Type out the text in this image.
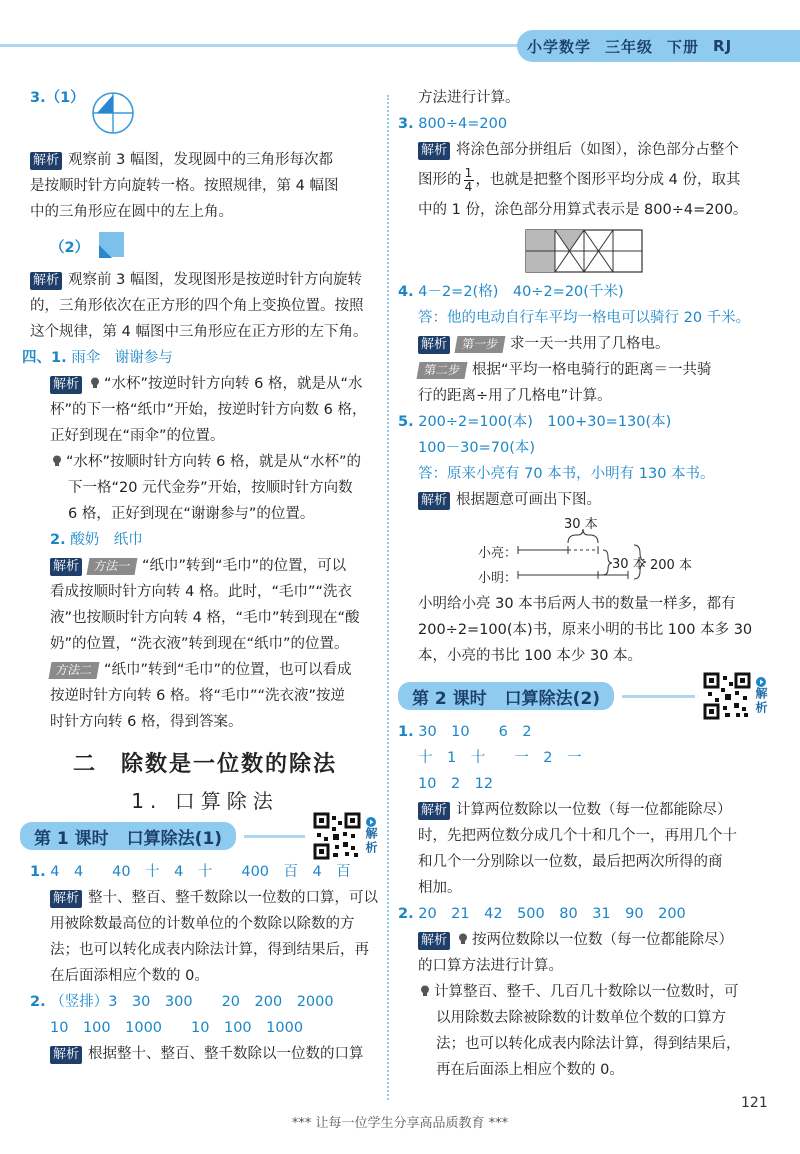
小学数学 三年级 下册 RJ
3.（1）
解析 观察前 3 幅图，发现圆中的三角形每次都
是按顺时针方向旋转一格。按照规律，第 4 幅图
中的三角形应在圆中的左上角。
（2）
解析 观察前 3 幅图，发现图形是按逆时针方向旋转
的，三角形依次在正方形的四个角上变换位置。按照
这个规律，第 4 幅图中三角形应在正方形的左下角。
四、1. 雨伞　谢谢参与
解析 “水杯”按逆时针方向转 6 格，就是从“水
杯”的下一格“纸巾”开始，按逆时针方向数 6 格，
正好到现在“雨伞”的位置。
“水杯”按顺时针方向转 6 格，就是从“水杯”的
下一格“20 元代金券”开始，按顺时针方向数
6 格，正好到现在“谢谢参与”的位置。
2. 酸奶　纸巾
解析 方法一 “纸巾”转到“毛巾”的位置，可以
看成按顺时针方向转 4 格。此时，“毛巾”“洗衣
液”也按顺时针方向转 4 格，“毛巾”转到现在“酸
奶”的位置，“洗衣液”转到现在“纸巾”的位置。
方法二 “纸巾”转到“毛巾”的位置，也可以看成
按逆时针方向转 6 格。将“毛巾”“洗衣液”按逆
时针方向转 6 格，得到答案。
二　除数是一位数的除法
1. 口算除法
第 1 课时 口算除法(1)	解析
1. 4　4　　40　十　4　十　　400　百　4　百
解析 整十、整百、整千数除以一位数的口算，可以
用被除数最高位的计数单位的个数除以除数的方
法；也可以转化成表内除法计算，得到结果后，再
在后面添相应个数的 0。
2. （竖排）3　30　300　　20　200　2000
10　100　1000　　10　100　1000
解析 根据整十、整百、整千数除以一位数的口算
方法进行计算。
3. 800÷4=200
解析 将涂色部分拼组后（如图），涂色部分占整个
图形的 $\frac{1}{4}$ ，也就是把整个图形平均分成 4 份，取其
中的 1 份，涂色部分用算式表示是 800÷4=200。
4. 4－2=2(格)　40÷2=20(千米)
答：他的电动自行车平均一格电可以骑行 20 千米。
解析 第一步 求一天一共用了几格电。
第二步 根据“平均一格电骑行的距离＝一共骑
行的距离÷用了几格电”计算。
5. 200÷2=100(本)　100+30=130(本)
100－30=70(本)
答：原来小亮有 70 本书，小明有 130 本书。
解析 根据题意可画出下图。
30 本
30 本
小亮：
小明：
200 本
小明给小亮 30 本书后两人书的数量一样多，都有
200÷2=100(本)书，原来小明的书比 100 本多 30
本，小亮的书比 100 本少 30 本。
第 2 课时 口算除法(2)	解析
1. 30　10　　6　2
十　1　十　　一　2　一
10　2　12
解析 计算两位数除以一位数（每一位都能除尽）
时，先把两位数分成几个十和几个一，再用几个十
和几个一分别除以一位数，最后把两次所得的商
相加。
2. 20　21　42　500　80　31　90　200
解析 按两位数除以一位数（每一位都能除尽）
的口算方法进行计算。
计算整百、整千、几百几十数除以一位数时，可
以用除数去除被除数的计数单位个数的口算方
法；也可以转化成表内除法计算，得到结果后，
再在后面添上相应个数的 0。
121
*** 让每一位学生分享高品质教育 ***
